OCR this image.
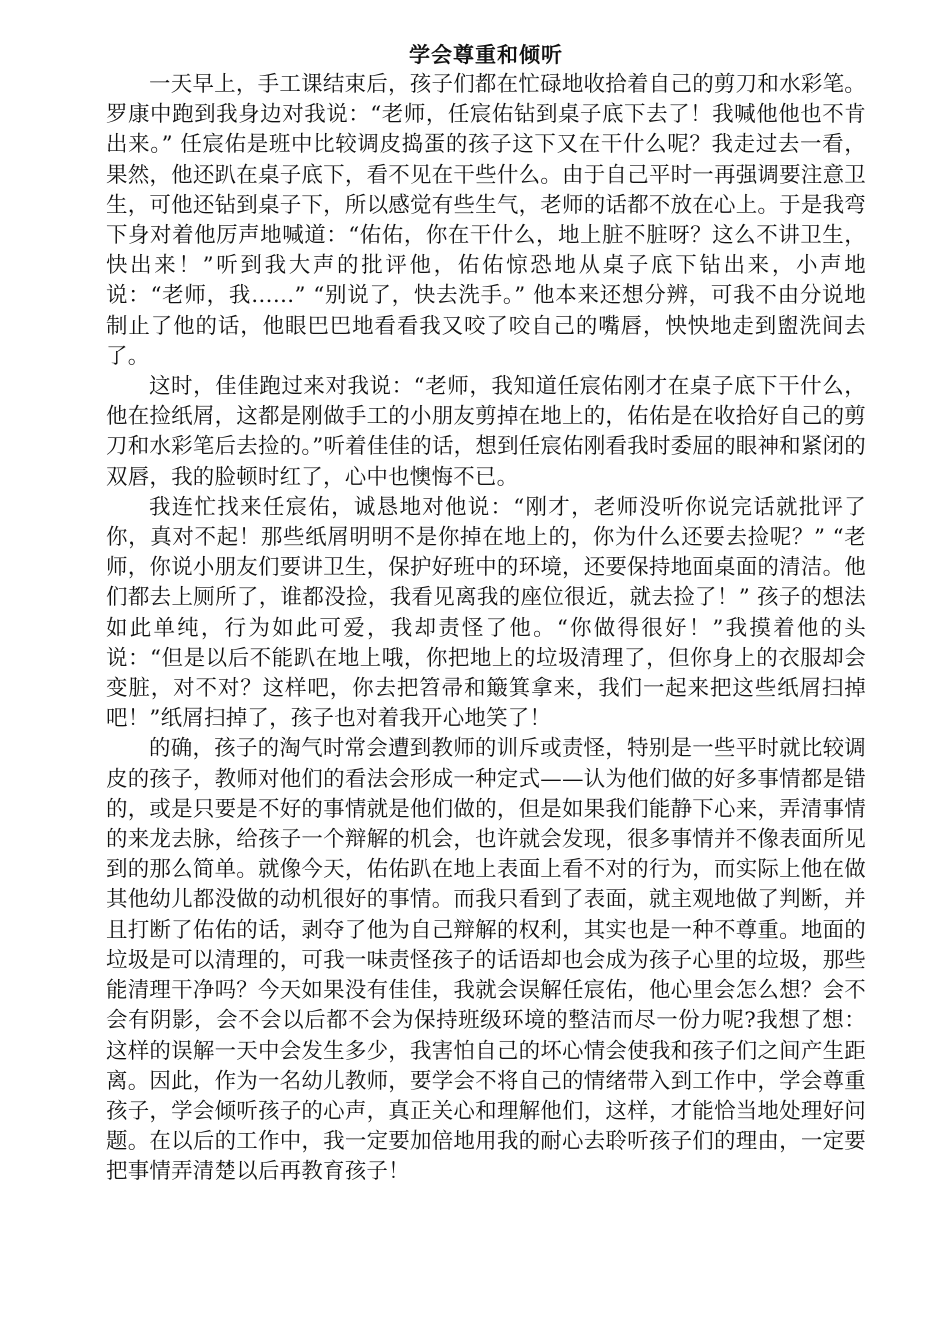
学会尊重和倾听

一天早上，手工课结束后，孩子们都在忙碌地收拾着自己的剪刀和水彩笔。罗康中跑到我身边对我说：“老师，任宸佑钻到桌子底下去了！我喊他他也不肯出来。” 任宸佑是班中比较调皮捣蛋的孩子这下又在干什么呢？我走过去一看，果然，他还趴在桌子底下，看不见在干些什么。由于自己平时一再强调要注意卫生，可他还钻到桌子下，所以感觉有些生气，老师的话都不放在心上。于是我弯下身对着他厉声地喊道：“佑佑，你在干什么，地上脏不脏呀？这么不讲卫生，快出来！”听到我大声的批评他，佑佑惊恐地从桌子底下钻出来，小声地说：“老师，我……” “别说了，快去洗手。” 他本来还想分辨，可我不由分说地制止了他的话，他眼巴巴地看看我又咬了咬自己的嘴唇，怏怏地走到盥洗间去了。

这时，佳佳跑过来对我说：“老师，我知道任宸佑刚才在桌子底下干什么，他在捡纸屑，这都是刚做手工的小朋友剪掉在地上的，佑佑是在收拾好自己的剪刀和水彩笔后去捡的。”听着佳佳的话，想到任宸佑刚看我时委屈的眼神和紧闭的双唇，我的脸顿时红了，心中也懊悔不已。

我连忙找来任宸佑，诚恳地对他说：“刚才，老师没听你说完话就批评了你，真对不起！那些纸屑明明不是你掉在地上的，你为什么还要去捡呢？” “老师，你说小朋友们要讲卫生，保护好班中的环境，还要保持地面桌面的清洁。他们都去上厕所了，谁都没捡，我看见离我的座位很近，就去捡了！” 孩子的想法如此单纯，行为如此可爱，我却责怪了他。“你做得很好！”我摸着他的头说：“但是以后不能趴在地上哦，你把地上的垃圾清理了，但你身上的衣服却会变脏，对不对？这样吧，你去把笤帚和簸箕拿来，我们一起来把这些纸屑扫掉吧！”纸屑扫掉了，孩子也对着我开心地笑了！

的确，孩子的淘气时常会遭到教师的训斥或责怪，特别是一些平时就比较调皮的孩子，教师对他们的看法会形成一种定式——认为他们做的好多事情都是错的，或是只要是不好的事情就是他们做的，但是如果我们能静下心来，弄清事情的来龙去脉，给孩子一个辩解的机会，也许就会发现，很多事情并不像表面所见到的那么简单。就像今天，佑佑趴在地上表面上看不对的行为，而实际上他在做其他幼儿都没做的动机很好的事情。而我只看到了表面，就主观地做了判断，并且打断了佑佑的话，剥夺了他为自己辩解的权利，其实也是一种不尊重。地面的垃圾是可以清理的，可我一味责怪孩子的话语却也会成为孩子心里的垃圾，那些能清理干净吗？今天如果没有佳佳，我就会误解任宸佑，他心里会怎么想？会不会有阴影，会不会以后都不会为保持班级环境的整洁而尽一份力呢?我想了想：这样的误解一天中会发生多少，我害怕自己的坏心情会使我和孩子们之间产生距离。因此，作为一名幼儿教师，要学会不将自己的情绪带入到工作中，学会尊重孩子，学会倾听孩子的心声，真正关心和理解他们，这样，才能恰当地处理好问题。在以后的工作中，我一定要加倍地用我的耐心去聆听孩子们的理由，一定要把事情弄清楚以后再教育孩子！
